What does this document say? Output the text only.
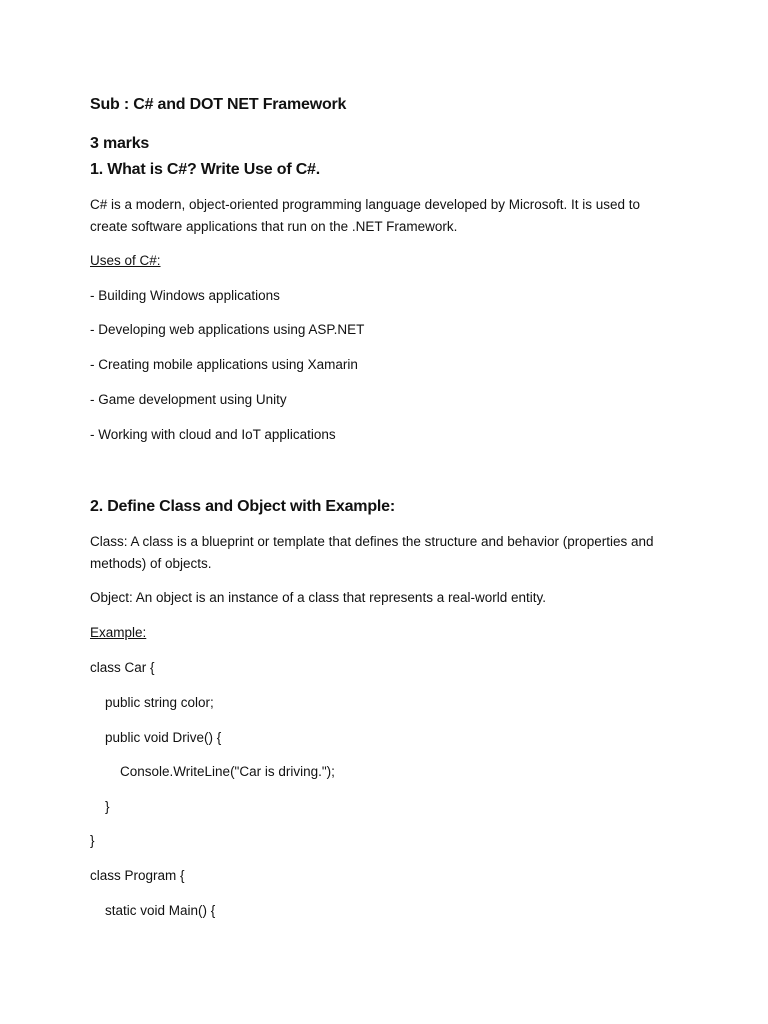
Sub : C# and DOT NET Framework
3 marks
1. What is C#? Write Use of C#.
C# is a modern, object-oriented programming language developed by Microsoft. It is used to create software applications that run on the .NET Framework.
Uses of C#:
- Building Windows applications
- Developing web applications using ASP.NET
- Creating mobile applications using Xamarin
- Game development using Unity
- Working with cloud and IoT applications
2. Define Class and Object with Example:
Class: A class is a blueprint or template that defines the structure and behavior (properties and methods) of objects.
Object: An object is an instance of a class that represents a real-world entity.
Example:
class Car {
public string color;
public void Drive() {
Console.WriteLine("Car is driving.");
}
}
class Program {
static void Main() {
